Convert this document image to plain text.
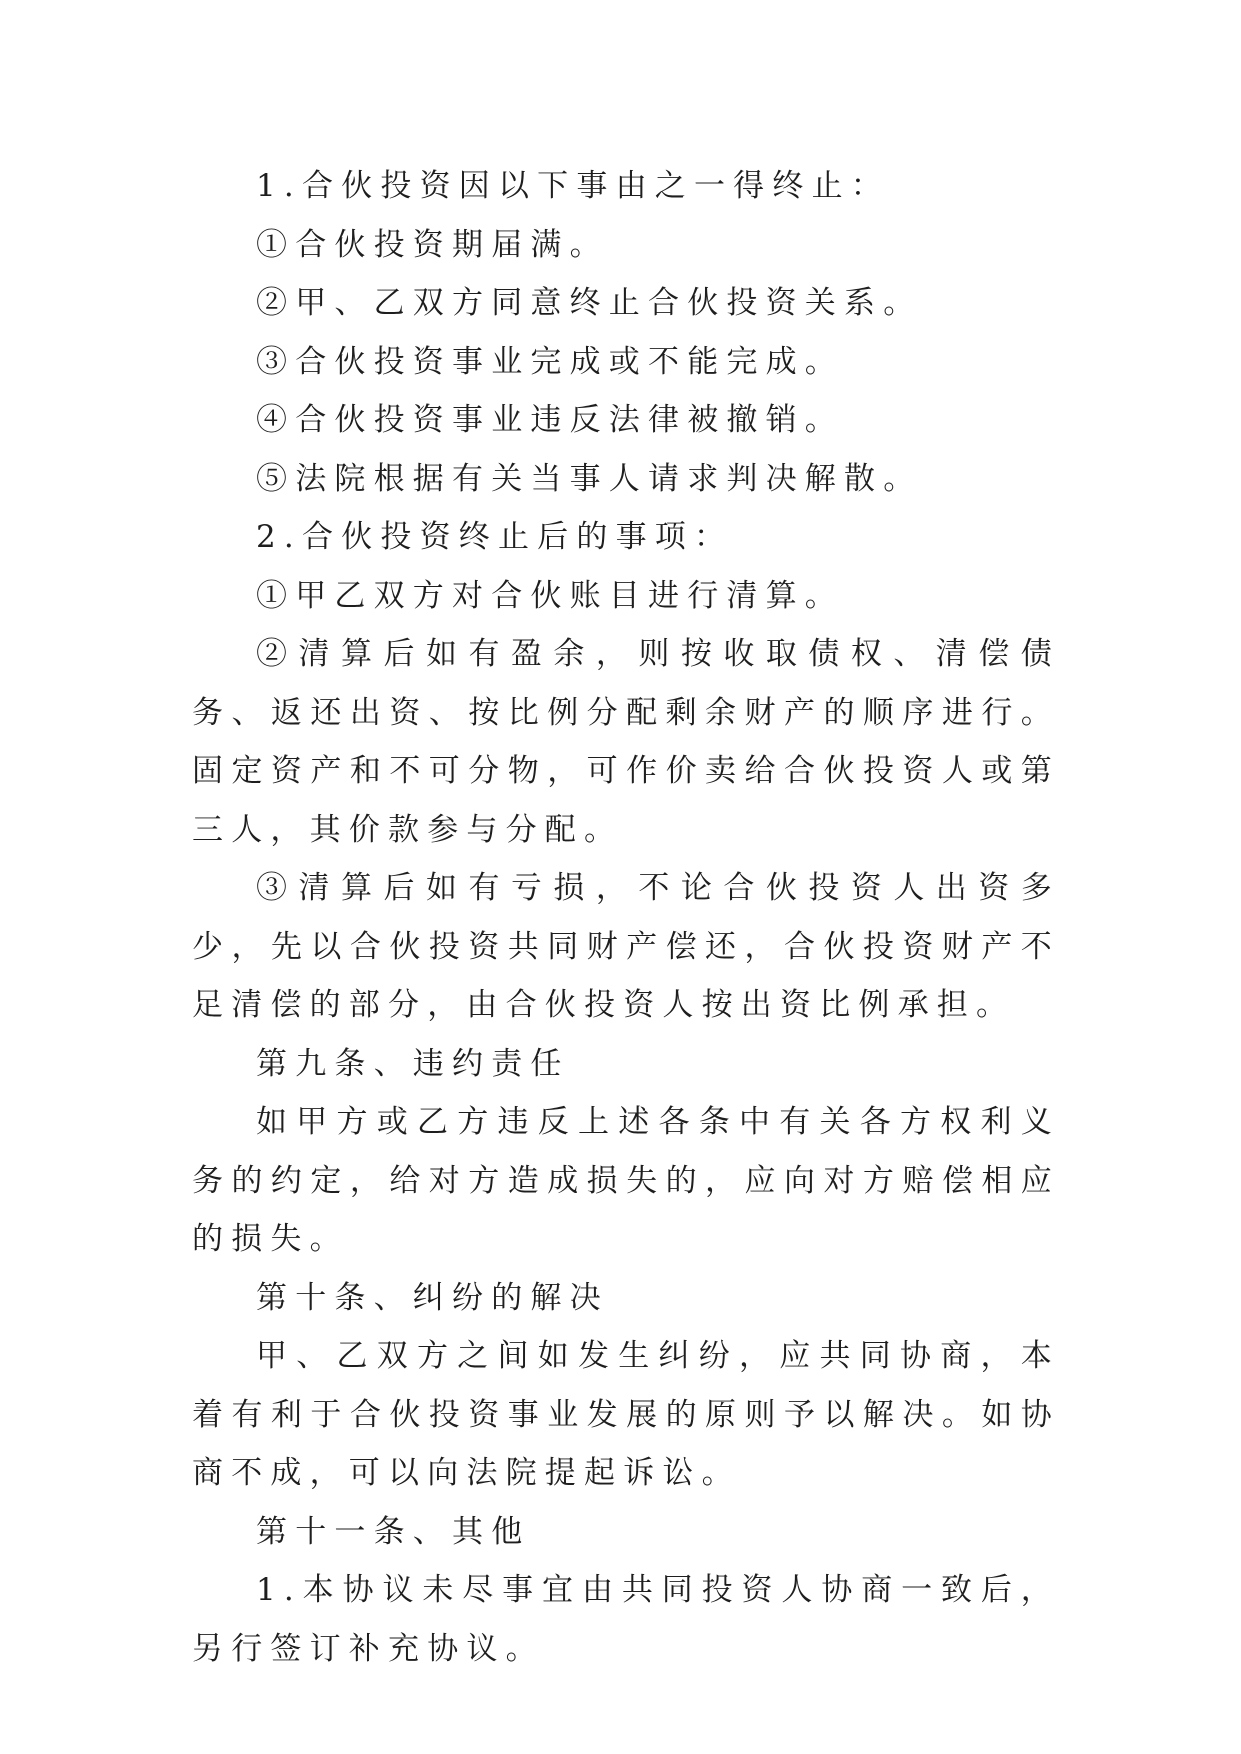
1.合伙投资因以下事由之一得终止：

①合伙投资期届满。

②甲、乙双方同意终止合伙投资关系。

③合伙投资事业完成或不能完成。

④合伙投资事业违反法律被撤销。

⑤法院根据有关当事人请求判决解散。

2.合伙投资终止后的事项：

①甲乙双方对合伙账目进行清算。

②清算后如有盈余，则按收取债权、清偿债务、返还出资、按比例分配剩余财产的顺序进行。固定资产和不可分物，可作价卖给合伙投资人或第三人，其价款参与分配。

③清算后如有亏损，不论合伙投资人出资多少，先以合伙投资共同财产偿还，合伙投资财产不足清偿的部分，由合伙投资人按出资比例承担。

第九条、违约责任

如甲方或乙方违反上述各条中有关各方权利义务的约定，给对方造成损失的，应向对方赔偿相应的损失。

第十条、纠纷的解决

甲、乙双方之间如发生纠纷，应共同协商，本着有利于合伙投资事业发展的原则予以解决。如协商不成，可以向法院提起诉讼。

第十一条、其他

1.本协议未尽事宜由共同投资人协商一致后，另行签订补充协议。
